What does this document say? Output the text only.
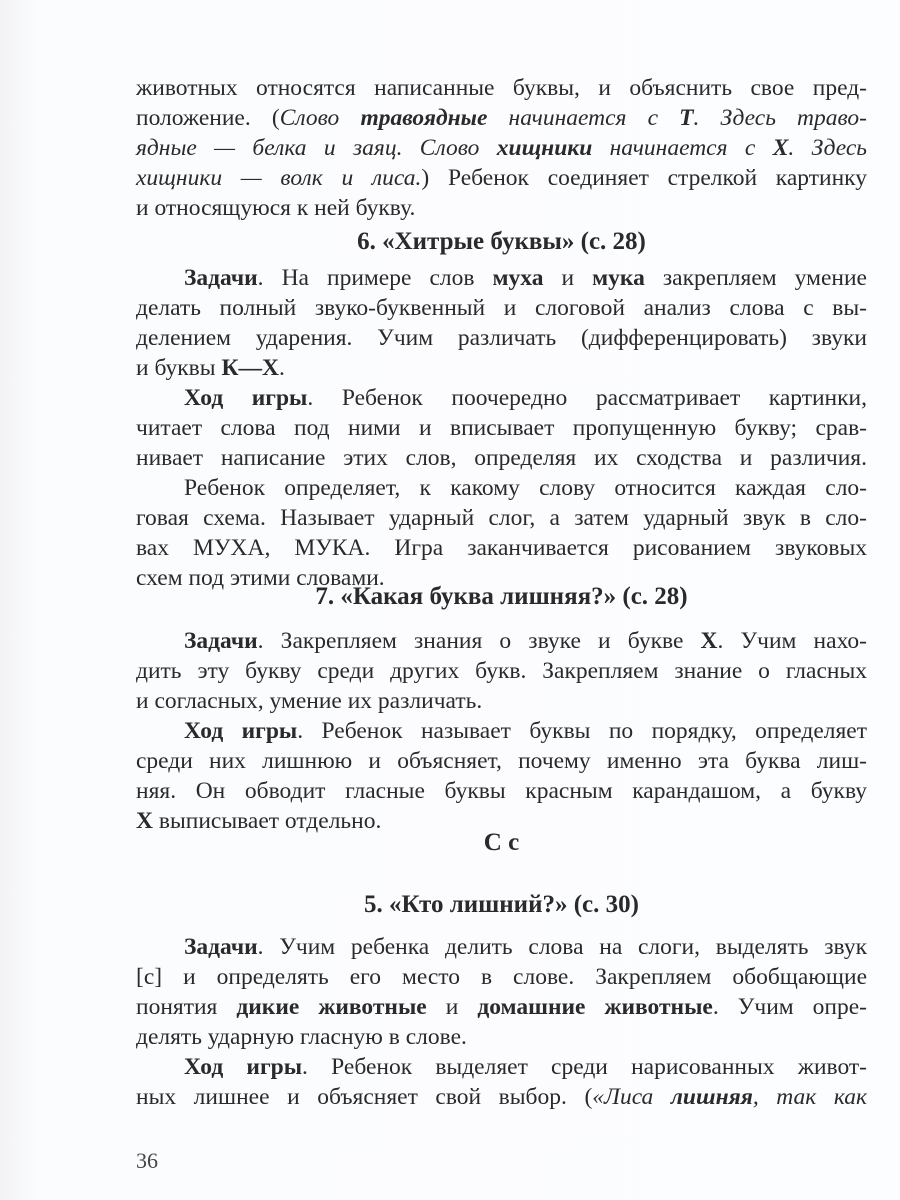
животных относятся написанные буквы, и объяснить свое пред-
положение. (Слово травоядные начинается с Т. Здесь траво-
ядные — белка и заяц. Слово хищники начинается с Х. Здесь
хищники — волк и лиса.) Ребенок соединяет стрелкой картинку
и относящуюся к ней букву.
6. «Хитрые буквы» (с. 28)
Задачи. На примере слов муха и мука закрепляем умение
делать полный звуко-буквенный и слоговой анализ слова с вы-
делением ударения. Учим различать (дифференцировать) звуки
и буквы К—Х.
Ход игры. Ребенок поочередно рассматривает картинки,
читает слова под ними и вписывает пропущенную букву; срав-
нивает написание этих слов, определяя их сходства и различия.
Ребенок определяет, к какому слову относится каждая сло-
говая схема. Называет ударный слог, а затем ударный звук в сло-
вах МУХА, МУКА. Игра заканчивается рисованием звуковых
схем под этими словами.
7. «Какая буква лишняя?» (с. 28)
Задачи. Закрепляем знания о звуке и букве Х. Учим нахо-
дить эту букву среди других букв. Закрепляем знание о гласных
и согласных, умение их различать.
Ход игры. Ребенок называет буквы по порядку, определяет
среди них лишнюю и объясняет, почему именно эта буква лиш-
няя. Он обводит гласные буквы красным карандашом, а букву
Х выписывает отдельно.
С с
5. «Кто лишний?» (с. 30)
Задачи. Учим ребенка делить слова на слоги, выделять звук
[с] и определять его место в слове. Закрепляем обобщающие
понятия дикие животные и домашние животные. Учим опре-
делять ударную гласную в слове.
Ход игры. Ребенок выделяет среди нарисованных живот-
ных лишнее и объясняет свой выбор. («Лиса лишняя, так как
36
